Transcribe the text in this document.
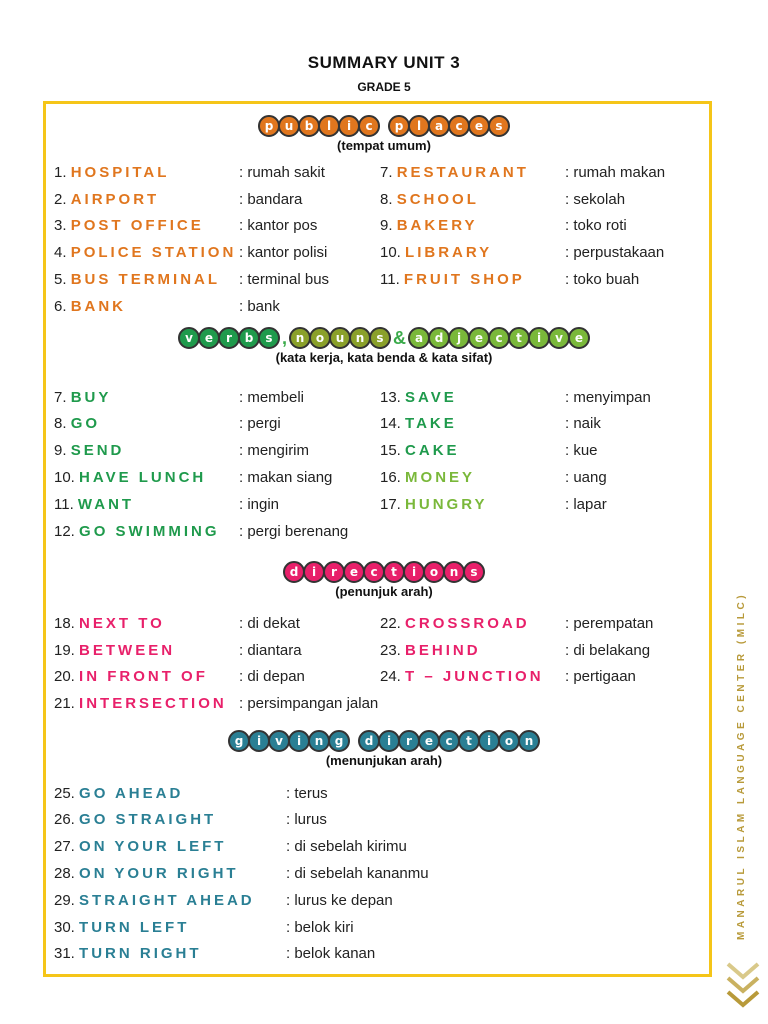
SUMMARY UNIT 3
GRADE 5
p u b l i c p l a c e s
(tempat umum)
v e r b s , n o u n s & a d j e c t i v e
(kata kerja, kata benda & kata sifat)
d i r e c t i o n s
(penunjuk arah)
g i v i n g d i r e c t i o n
(menunjukan arah)
1. HOSPITAL	: rumah sakit
2. AIRPORT	: bandara
3. POST OFFICE : kantor pos
4. POLICE STATION : kantor polisi
5. BUS TERMINAL : terminal bus
6. BANK	: bank
7. RESTAURANT : rumah makan
8. SCHOOL	: sekolah
9. BAKERY	: toko roti
10. LIBRARY	: perpustakaan
11. FRUIT SHOP	: toko buah
7. BUY	: membeli
8. GO	: pergi
9. SEND	: mengirim
10. HAVE LUNCH : makan siang
11. WANT	: ingin
12. GO SWIMMING : pergi berenang
13. SAVE	: menyimpan
14. TAKE	: naik
15. CAKE	: kue
16. MONEY	: uang
17. HUNGRY	: lapar
18. NEXT TO	: di dekat
19. BETWEEN	: diantara
20. IN FRONT OF : di depan
21. INTERSECTION : persimpangan jalan
22. CROSSROAD : perempatan
23. BEHIND	: di belakang
24. T – JUNCTION : pertigaan
25. GO AHEAD	: terus
26. GO STRAIGHT	: lurus
27. ON YOUR LEFT	: di sebelah kirimu
28. ON YOUR RIGHT	: di sebelah kananmu
29. STRAIGHT AHEAD : lurus ke depan
30. TURN LEFT	: belok kiri
31. TURN RIGHT	: belok kanan
MANARUL ISLAM LANGUAGE CENTER (MILC)
